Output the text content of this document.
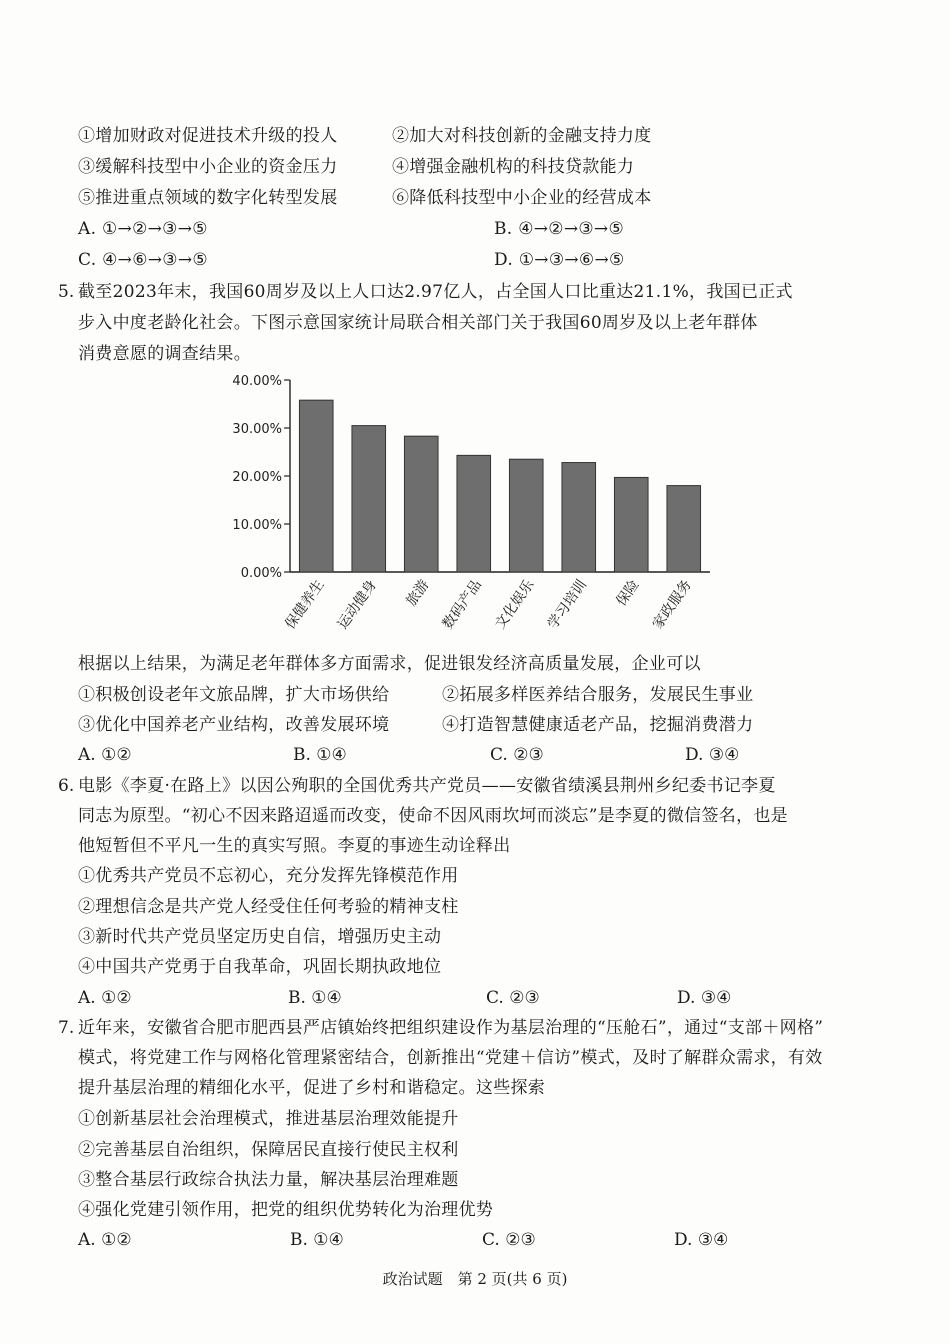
①增加财政对促进技术升级的投人	②加大对科技创新的金融支持力度
③缓解科技型中小企业的资金压力	④增强金融机构的科技贷款能力
⑤推进重点领域的数字化转型发展	⑥降低科技型中小企业的经营成本
A. ①→②→③→⑤	B. ④→②→③→⑤
C. ④→⑥→③→⑤	D. ①→③→⑥→⑤
5. 截至2023年末，我国60周岁及以上人口达2.97亿人，占全国人口比重达21.1%，我国已正式
步入中度老龄化社会。下图示意国家统计局联合相关部门关于我国60周岁及以上老年群体
消费意愿的调查结果。
0.00%
10.00%
20.00%
30.00%
40.00%
保健养生 运动健身 旅游 数码产品 文化娱乐 学习培训 保险 家政服务
根据以上结果，为满足老年群体多方面需求，促进银发经济高质量发展，企业可以
①积极创设老年文旅品牌，扩大市场供给	②拓展多样医养结合服务，发展民生事业
③优化中国养老产业结构，改善发展环境	④打造智慧健康适老产品，挖掘消费潜力
A. ①②	B. ①④	C. ②③	D. ③④
6. 电影《李夏·在路上》以因公殉职的全国优秀共产党员——安徽省绩溪县荆州乡纪委书记李夏
同志为原型。“初心不因来路迢遥而改变，使命不因风雨坎坷而淡忘”是李夏的微信签名，也是
他短暂但不平凡一生的真实写照。李夏的事迹生动诠释出
①优秀共产党员不忘初心，充分发挥先锋模范作用
②理想信念是共产党人经受住任何考验的精神支柱
③新时代共产党员坚定历史自信，增强历史主动
④中国共产党勇于自我革命，巩固长期执政地位
A. ①②	B. ①④	C. ②③	D. ③④
7. 近年来，安徽省合肥市肥西县严店镇始终把组织建设作为基层治理的“压舱石”，通过“支部＋网格”
模式，将党建工作与网格化管理紧密结合，创新推出“党建＋信访”模式，及时了解群众需求，有效
提升基层治理的精细化水平，促进了乡村和谐稳定。这些探索
①创新基层社会治理模式，推进基层治理效能提升
②完善基层自治组织，保障居民直接行使民主权利
③整合基层行政综合执法力量，解决基层治理难题
④强化党建引领作用，把党的组织优势转化为治理优势
A. ①②	B. ①④	C. ②③	D. ③④
政治试题　第 2 页(共 6 页)
